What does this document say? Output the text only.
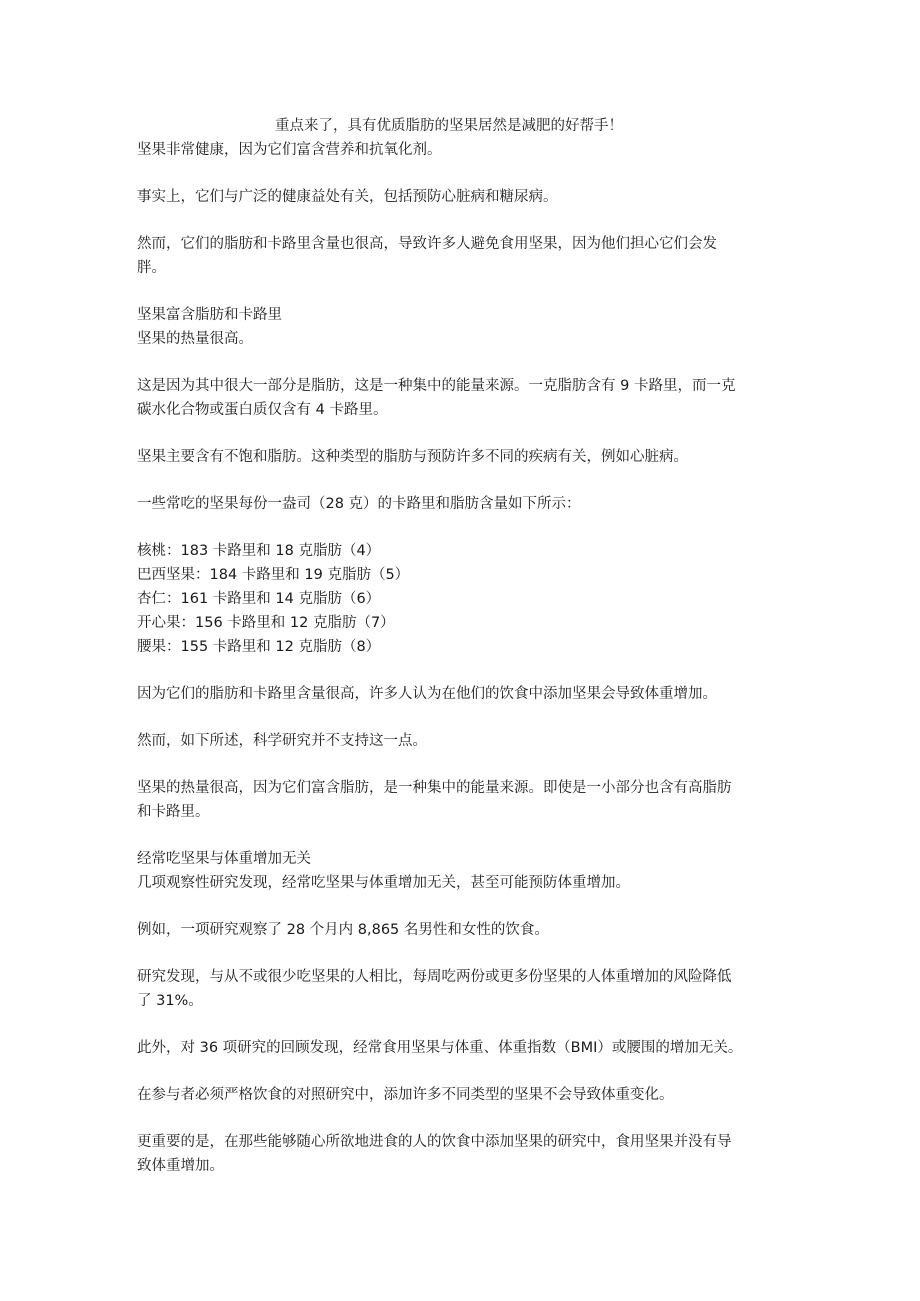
重点来了，具有优质脂肪的坚果居然是减肥的好帮手！

坚果非常健康，因为它们富含营养和抗氧化剂。

事实上，它们与广泛的健康益处有关，包括预防心脏病和糖尿病。

然而，它们的脂肪和卡路里含量也很高，导致许多人避免食用坚果，因为他们担心它们会发

胖。

坚果富含脂肪和卡路里

坚果的热量很高。

这是因为其中很大一部分是脂肪，这是一种集中的能量来源。一克脂肪含有 9 卡路里，而一克

碳水化合物或蛋白质仅含有 4 卡路里。

坚果主要含有不饱和脂肪。这种类型的脂肪与预防许多不同的疾病有关，例如心脏病。

一些常吃的坚果每份一盎司（28 克）的卡路里和脂肪含量如下所示：

核桃：183 卡路里和 18 克脂肪（4）

巴西坚果：184 卡路里和 19 克脂肪（5）

杏仁：161 卡路里和 14 克脂肪（6）

开心果：156 卡路里和 12 克脂肪（7）

腰果：155 卡路里和 12 克脂肪（8）

因为它们的脂肪和卡路里含量很高，许多人认为在他们的饮食中添加坚果会导致体重增加。

然而，如下所述，科学研究并不支持这一点。

坚果的热量很高，因为它们富含脂肪，是一种集中的能量来源。即使是一小部分也含有高脂肪

和卡路里。

经常吃坚果与体重增加无关

几项观察性研究发现，经常吃坚果与体重增加无关，甚至可能预防体重增加。

例如，一项研究观察了 28 个月内 8,865 名男性和女性的饮食。

研究发现，与从不或很少吃坚果的人相比，每周吃两份或更多份坚果的人体重增加的风险降低

了 31%。

此外，对 36 项研究的回顾发现，经常食用坚果与体重、体重指数（BMI）或腰围的增加无关。

在参与者必须严格饮食的对照研究中，添加许多不同类型的坚果不会导致体重变化。

更重要的是，在那些能够随心所欲地进食的人的饮食中添加坚果的研究中，食用坚果并没有导

致体重增加。
